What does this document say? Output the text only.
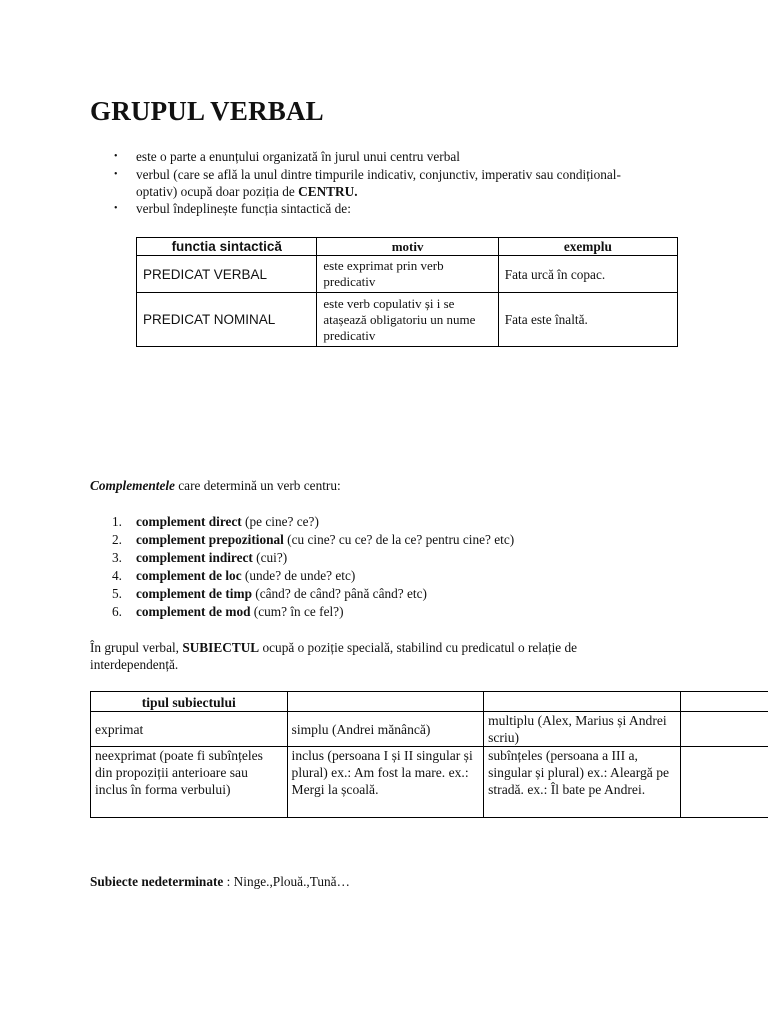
GRUPUL VERBAL
• este o parte a enunțului organizată în jurul unui centru verbal
• verbul (care se află la unul dintre timpurile indicativ, conjunctiv, imperativ sau condițional-optativ) ocupă doar poziția de CENTRU.
• verbul îndeplinește funcția sintactică de:
functia sintactică	motiv	exemplu
PREDICAT VERBAL	este exprimat prin verb predicativ	Fata urcă în copac.
PREDICAT NOMINAL	este verb copulativ și i se atașează obligatoriu un nume predicativ	Fata este înaltă.

Complementele care determină un verb centru:

1. complement direct (pe cine? ce?)
2. complement prepozitional (cu cine? cu ce? de la ce? pentru cine? etc)
3. complement indirect (cui?)
4. complement de loc (unde? de unde? etc)
5. complement de timp (când? de când? până când? etc)
6. complement de mod (cum? în ce fel?)

În grupul verbal, SUBIECTUL ocupă o poziție specială, stabilind cu predicatul o relație de interdependență.

tipul subiectului			
exprimat	simplu (Andrei mănâncă)	multiplu (Alex, Marius și Andrei scriu)	
neexprimat (poate fi subînțeles din propoziții anterioare sau inclus în forma verbului)	inclus (persoana I și II singular și plural) ex.: Am fost la mare. ex.: Mergi la școală.	subînțeles (persoana a III a, singular și plural) ex.: Aleargă pe stradă. ex.: Îl bate pe Andrei.	

Subiecte nedeterminate : Ninge.,Plouă.,Tună…
